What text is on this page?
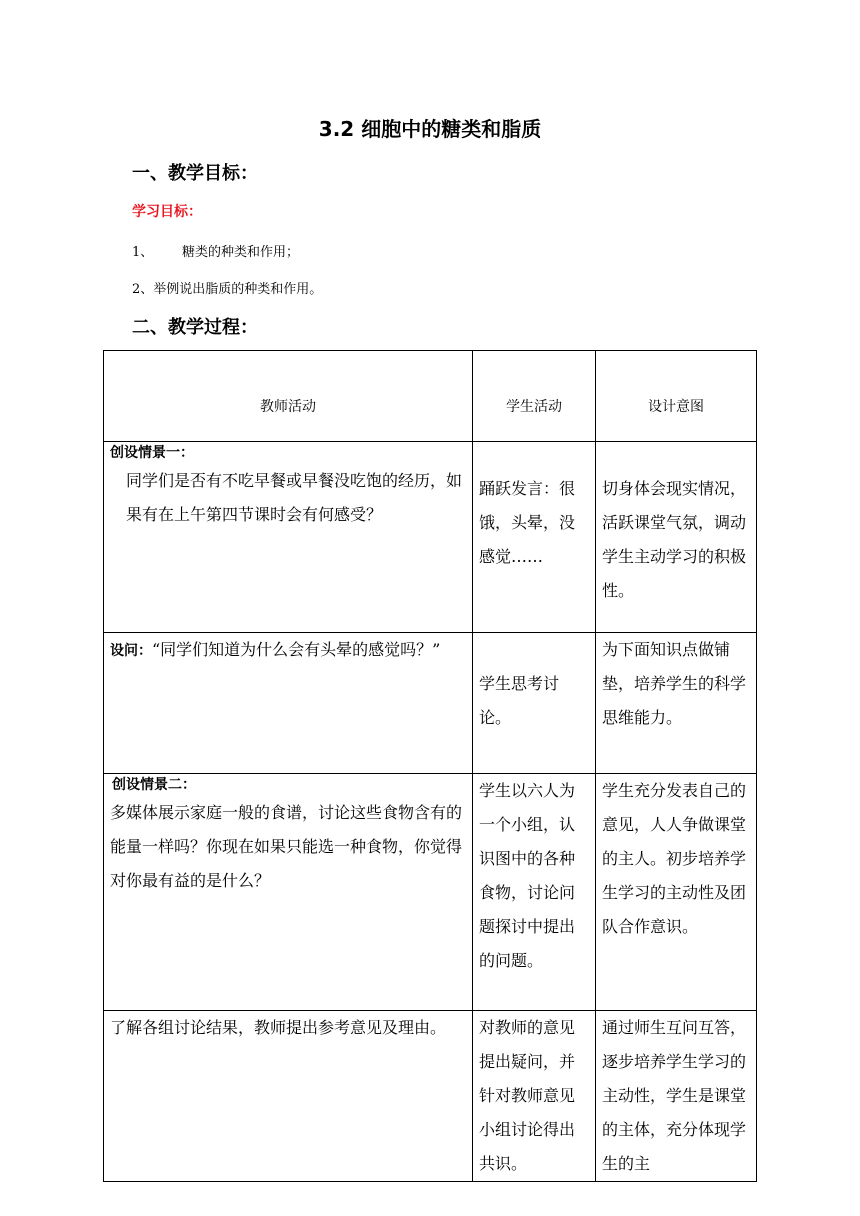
3.2 细胞中的糖类和脂质
一、教学目标：
学习目标：
1、 糖类的种类和作用；
2、举例说出脂质的种类和作用。
二、教学过程：
教师活动	学生活动	设计意图

创设情景一：
同学们是否有不吃早餐或早餐没吃饱的经历，如果有在上午第四节课时会有何感受？	踊跃发言：很饿，头晕，没感觉……	切身体会现实情况，活跃课堂气氛，调动学生主动学习的积极性。

设问：“同学们知道为什么会有头晕的感觉吗？”	学生思考讨论。	为下面知识点做铺垫，培养学生的科学思维能力。

创设情景二：
多媒体展示家庭一般的食谱，讨论这些食物含有的能量一样吗？你现在如果只能选一种食物，你觉得对你最有益的是什么？	学生以六人为一个小组，认识图中的各种食物，讨论问题探讨中提出的问题。	学生充分发表自己的意见，人人争做课堂的主人。初步培养学生学习的主动性及团队合作意识。

了解各组讨论结果，教师提出参考意见及理由。	对教师的意见提出疑问，并针对教师意见小组讨论得出共识。	通过师生互问互答，逐步培养学生学习的主动性，学生是课堂的主体，充分体现学生的主
